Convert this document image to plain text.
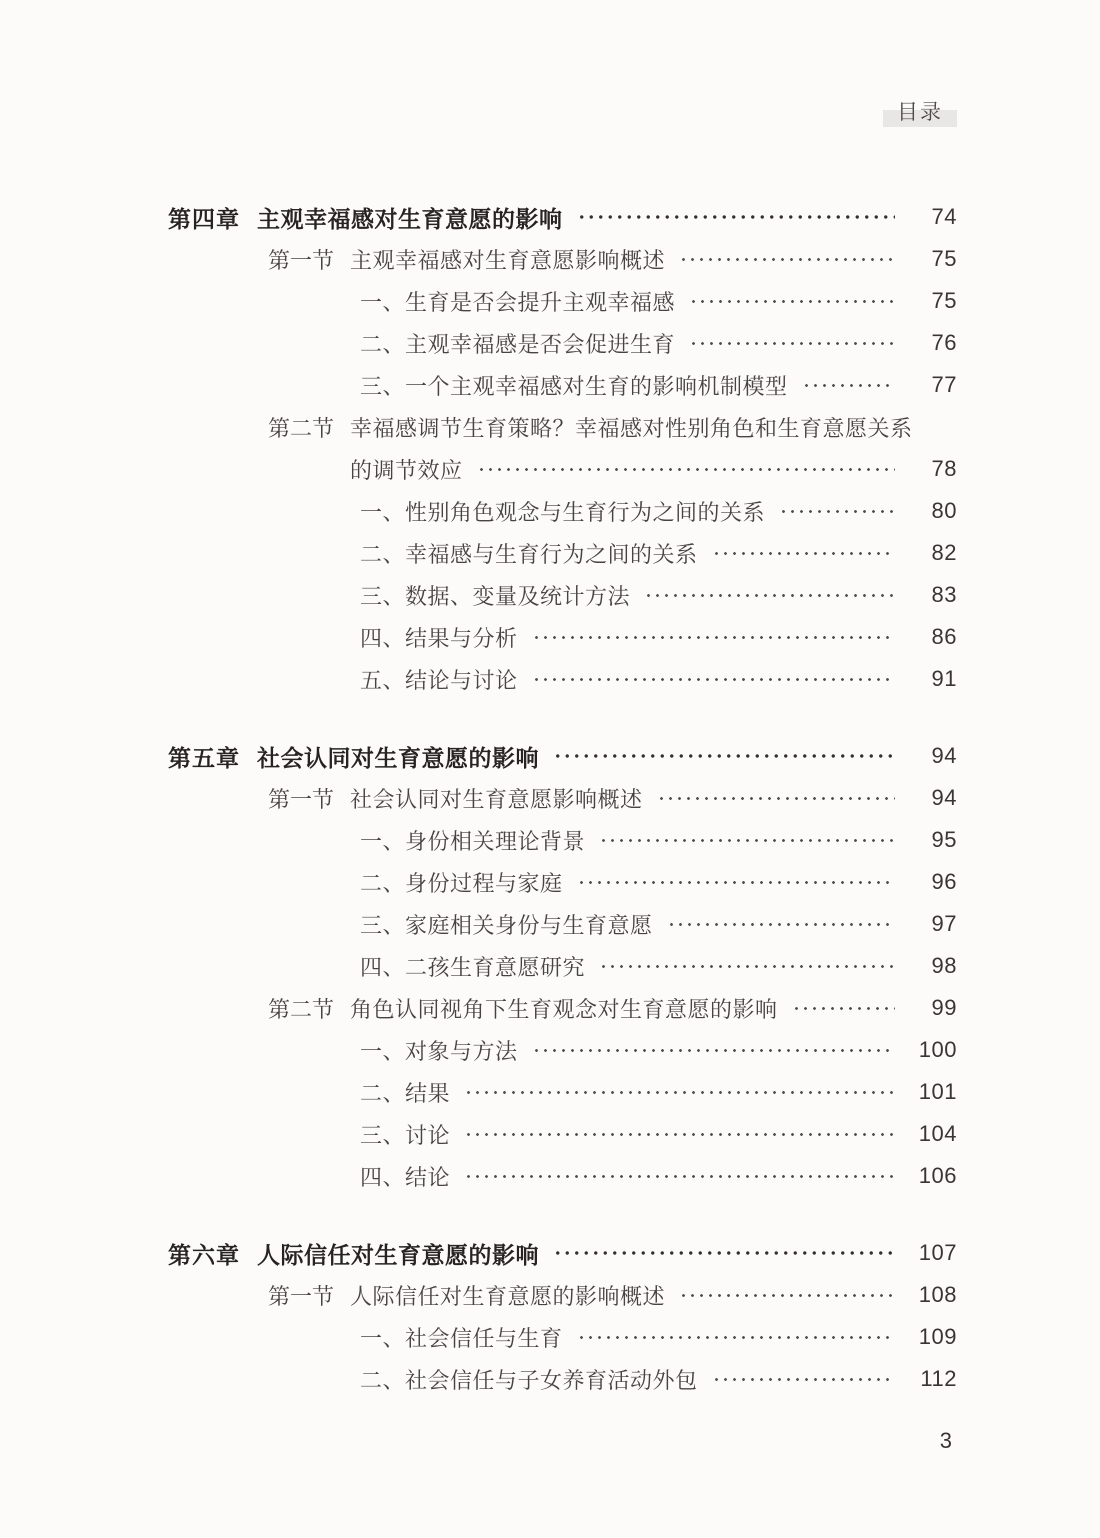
目录
第四章 主观幸福感对生育意愿的影响	74
第一节 主观幸福感对生育意愿影响概述	75
一、生育是否会提升主观幸福感	75
二、主观幸福感是否会促进生育	76
三、一个主观幸福感对生育的影响机制模型	77
第二节 幸福感调节生育策略？幸福感对性别角色和生育意愿关系
的调节效应	78
一、性别角色观念与生育行为之间的关系	80
二、幸福感与生育行为之间的关系	82
三、数据、变量及统计方法	83
四、结果与分析	86
五、结论与讨论	91
第五章 社会认同对生育意愿的影响	94
第一节 社会认同对生育意愿影响概述	94
一、身份相关理论背景	95
二、身份过程与家庭	96
三、家庭相关身份与生育意愿	97
四、二孩生育意愿研究	98
第二节 角色认同视角下生育观念对生育意愿的影响	99
一、对象与方法	100
二、结果	101
三、讨论	104
四、结论	106
第六章 人际信任对生育意愿的影响	107
第一节 人际信任对生育意愿的影响概述	108
一、社会信任与生育	109
二、社会信任与子女养育活动外包	112
3
